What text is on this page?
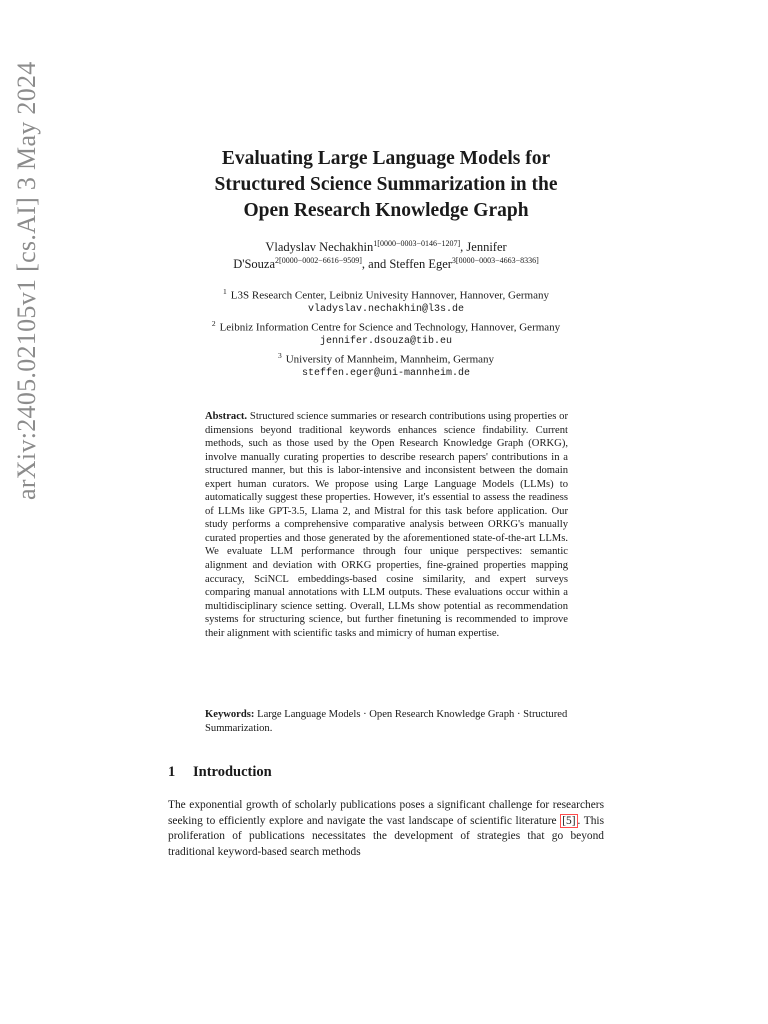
arXiv:2405.02105v1 [cs.AI] 3 May 2024	Evaluating Large Language Models for
Structured Science Summarization in the
Open Research Knowledge Graph
Vladyslav Nechakhin$^{1[0000-0003-0146-1207]}$, Jennifer
D'Souza$^{2[0000-0002-6616-9509]}$, and Steffen Eger$^{3[0000-0003-4663-8336]}$
$^1$ L3S Research Center, Leibniz Univesity Hannover, Hannover, Germany
vladyslav.nechakhin@l3s.de
$^2$ Leibniz Information Centre for Science and Technology, Hannover, Germany
jennifer.dsouza@tib.eu
$^3$ University of Mannheim, Mannheim, Germany
steffen.eger@uni-mannheim.de
Abstract. Structured science summaries or research contributions using properties or dimensions beyond traditional keywords enhances science findability. Current methods, such as those used by the Open Research Knowledge Graph (ORKG), involve manually curating properties to describe research papers' contributions in a structured manner, but this is labor-intensive and inconsistent between the domain expert human curators. We propose using Large Language Models (LLMs) to automatically suggest these properties. However, it's essential to assess the readiness of LLMs like GPT-3.5, Llama 2, and Mistral for this task before application. Our study performs a comprehensive comparative analysis between ORKG's manually curated properties and those generated by the aforementioned state-of-the-art LLMs. We evaluate LLM performance through four unique perspectives: semantic alignment and deviation with ORKG properties, fine-grained properties mapping accuracy, SciNCL embeddings-based cosine similarity, and expert surveys comparing manual annotations with LLM outputs. These evaluations occur within a multidisciplinary science setting. Overall, LLMs show potential as recommendation systems for structuring science, but further finetuning is recommended to improve their alignment with scientific tasks and mimicry of human expertise.
Keywords: Large Language Models · Open Research Knowledge Graph · Structured Summarization.
1 Introduction
The exponential growth of scholarly publications poses a significant challenge for researchers seeking to efficiently explore and navigate the vast landscape of scientific literature [5] . This proliferation of publications necessitates the development of strategies that go beyond traditional keyword-based search methods
